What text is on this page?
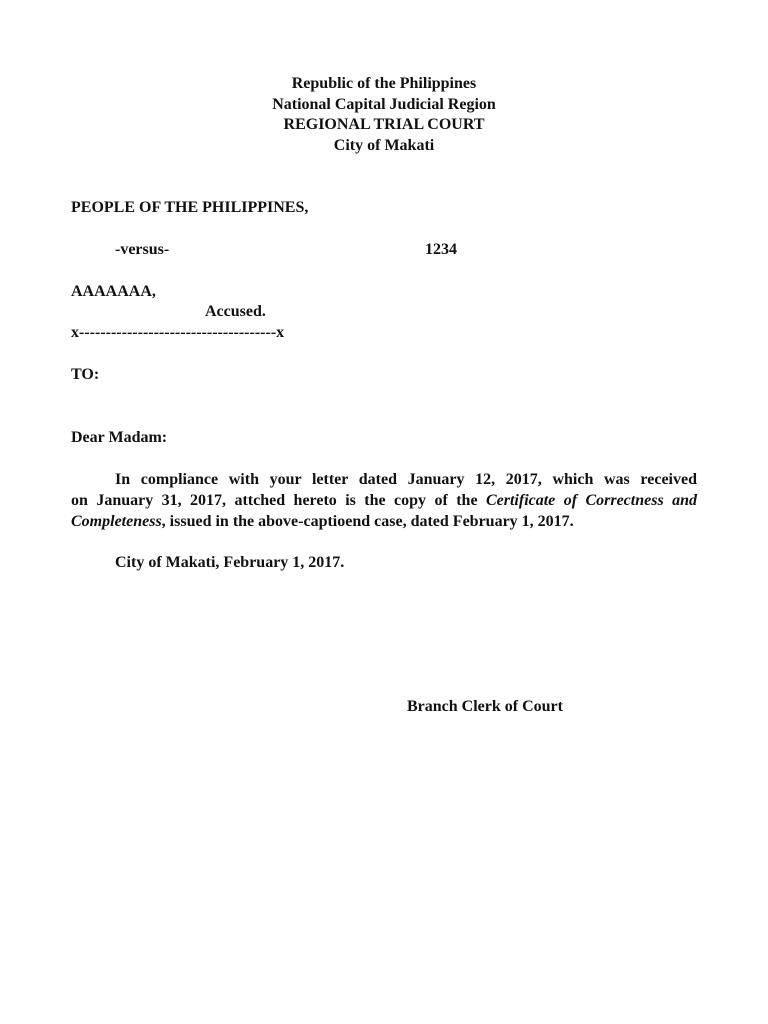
Republic of the Philippines
National Capital Judicial Region
REGIONAL TRIAL COURT
City of Makati
PEOPLE OF THE PHILIPPINES,
-versus-	1234
AAAAAAA,
Accused.
x-------------------------------------x
TO:
Dear Madam:
In compliance with your letter dated January 12, 2017, which was received
on January 31, 2017, attched hereto is the copy of the Certificate of Correctness and
Completeness, issued in the above-captioend case, dated February 1, 2017.
City of Makati, February 1, 2017.
Branch Clerk of Court
